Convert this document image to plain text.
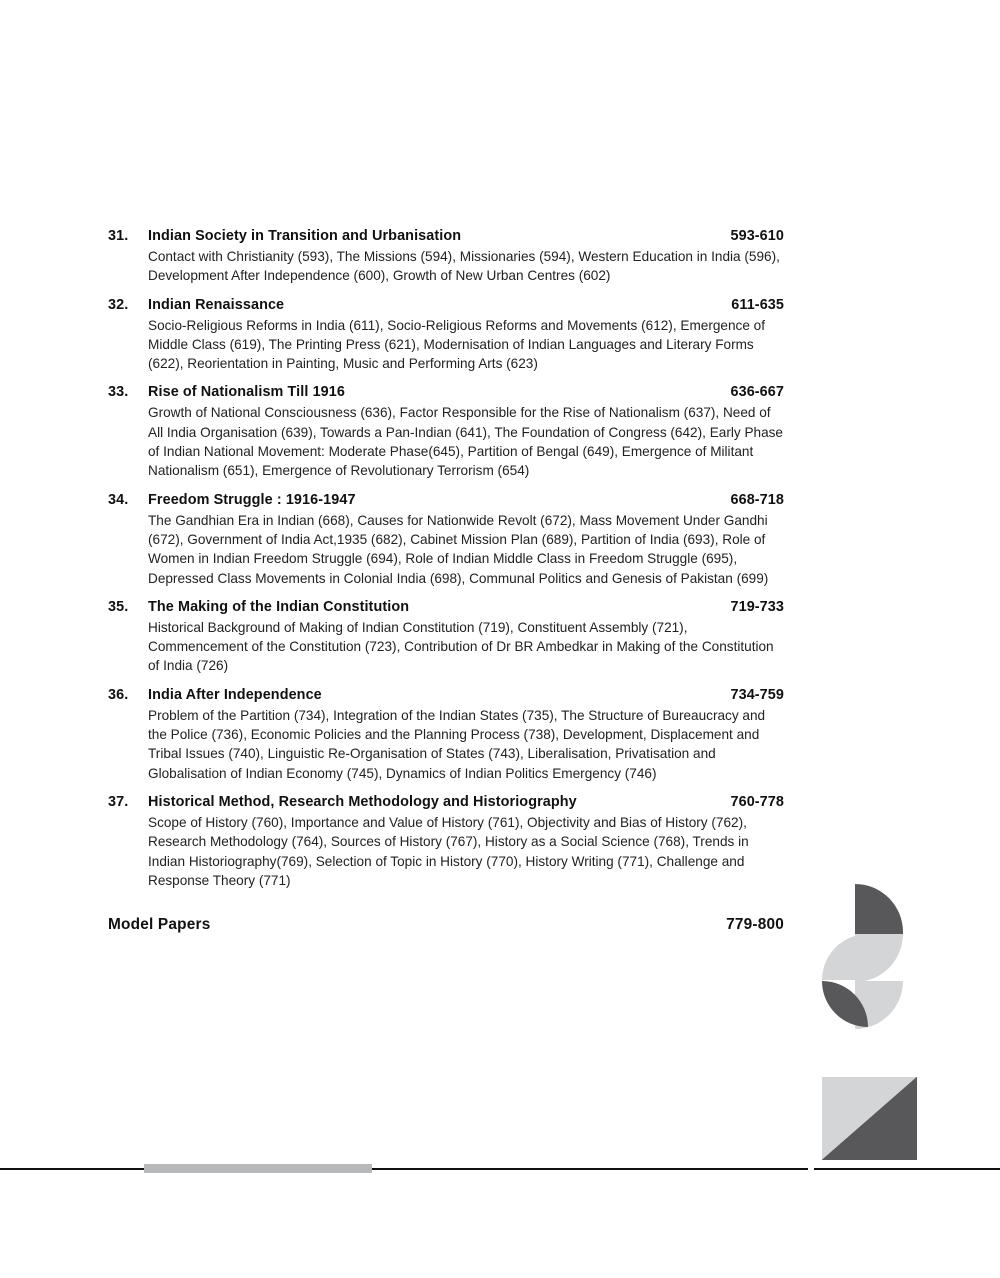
31.	Indian Society in Transition and Urbanisation	593-610
Contact with Christianity (593), The Missions (594), Missionaries (594), Western Education in India (596), Development After Independence (600), Growth of New Urban Centres (602)
32.	Indian Renaissance	611-635
Socio-Religious Reforms in India (611), Socio-Religious Reforms and Movements (612), Emergence of Middle Class (619), The Printing Press (621), Modernisation of Indian Languages and Literary Forms (622), Reorientation in Painting, Music and Performing Arts (623)
33.	Rise of Nationalism Till 1916	636-667
Growth of National Consciousness (636), Factor Responsible for the Rise of Nationalism (637), Need of All India Organisation (639), Towards a Pan-Indian (641), The Foundation of Congress (642), Early Phase of Indian National Movement: Moderate Phase(645), Partition of Bengal (649), Emergence of Militant Nationalism (651), Emergence of Revolutionary Terrorism (654)
34.	Freedom Struggle : 1916-1947	668-718
The Gandhian Era in Indian (668), Causes for Nationwide Revolt (672), Mass Movement Under Gandhi (672), Government of India Act,1935 (682), Cabinet Mission Plan (689), Partition of India (693), Role of Women in Indian Freedom Struggle (694), Role of Indian Middle Class in Freedom Struggle (695), Depressed Class Movements in Colonial India (698), Communal Politics and Genesis of Pakistan (699)
35.	The Making of the Indian Constitution	719-733
Historical Background of Making of Indian Constitution (719), Constituent Assembly (721), Commencement of the Constitution (723), Contribution of Dr BR Ambedkar in Making of the Constitution of India (726)
36.	India After Independence	734-759
Problem of the Partition (734), Integration of the Indian States (735), The Structure of Bureaucracy and the Police (736), Economic Policies and the Planning Process (738), Development, Displacement and Tribal Issues (740), Linguistic Re-Organisation of States (743), Liberalisation, Privatisation and Globalisation of Indian Economy (745), Dynamics of Indian Politics Emergency (746)
37.	Historical Method, Research Methodology and Historiography	760-778
Scope of History (760), Importance and Value of History (761), Objectivity and Bias of History (762), Research Methodology (764), Sources of History (767), History as a Social Science (768), Trends in Indian Historiography(769), Selection of Topic in History (770), History Writing (771), Challenge and Response Theory (771)
Model Papers	779-800
